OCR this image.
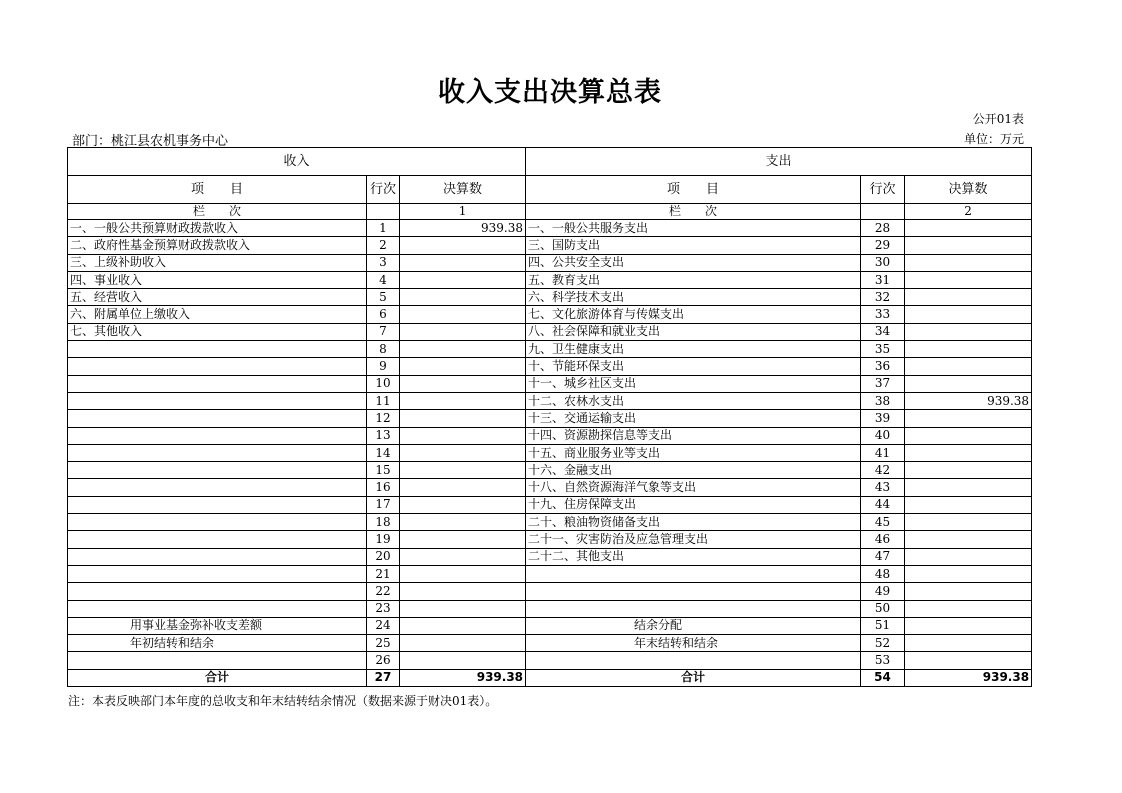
收入支出决算总表
公开01表
部门：桃江县农机事务中心	单位：万元
收入			支出		
项　　目	行次	决算数	项　　目	行次	决算数
栏　　次		1	栏　　次		2
一、一般公共预算财政拨款收入	1	939.38	一、一般公共服务支出	28	
二、政府性基金预算财政拨款收入	2		三、国防支出	29	
三、上级补助收入	3		四、公共安全支出	30	
四、事业收入	4		五、教育支出	31	
五、经营收入	5		六、科学技术支出	32	
六、附属单位上缴收入	6		七、文化旅游体育与传媒支出	33	
七、其他收入	7		八、社会保障和就业支出	34	
	8		九、卫生健康支出	35	
	9		十、节能环保支出	36	
	10		十一、城乡社区支出	37	
	11		十二、农林水支出	38	939.38
	12		十三、交通运输支出	39	
	13		十四、资源勘探信息等支出	40	
	14		十五、商业服务业等支出	41	
	15		十六、金融支出	42	
	16		十八、自然资源海洋气象等支出	43	
	17		十九、住房保障支出	44	
	18		二十、粮油物资储备支出	45	
	19		二十一、灾害防治及应急管理支出	46	
	20		二十二、其他支出	47	
	21			48	
	22			49	
	23			50	
用事业基金弥补收支差额	24		结余分配	51	
年初结转和结余	25		年末结转和结余	52	
	26			53	
合计	27	939.38	合计	54	939.38
注：本表反映部门本年度的总收支和年末结转结余情况（数据来源于财决01表）。
